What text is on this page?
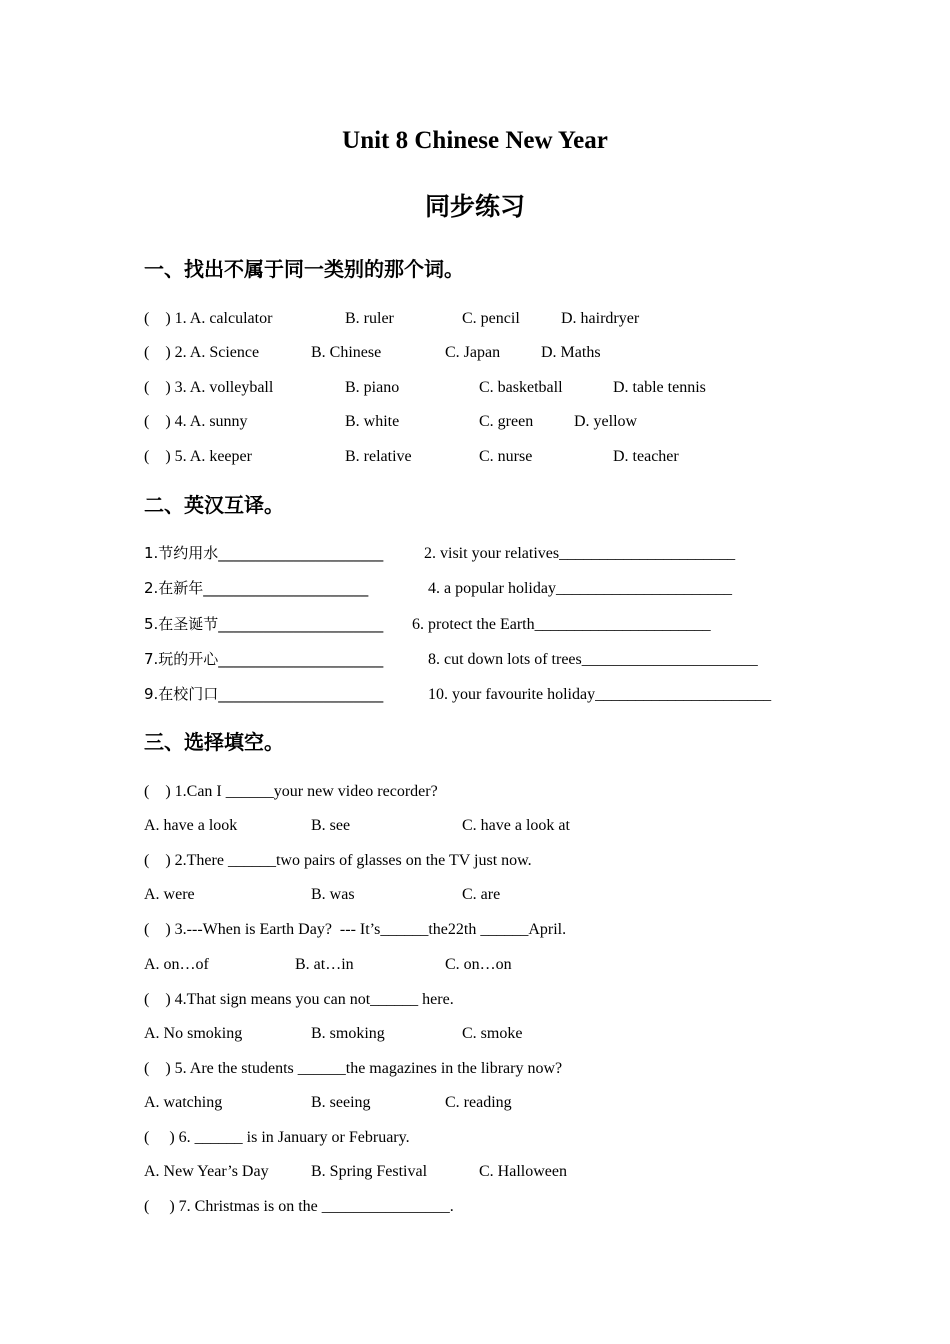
Unit 8 Chinese New Year
同步练习
一、找出不属于同一类别的那个词。
(    ) 1. A. calculator	B. ruler	C. pencil	D. hairdryer
(    ) 2. A. Science	B. Chinese	C. Japan	D. Maths
(    ) 3. A. volleyball	B. piano	C. basketball	D. table tennis
(    ) 4. A. sunny	B. white	C. green	D. yellow
(    ) 5. A. keeper	B. relative	C. nurse	D. teacher
二、英汉互译。
1.节约用水______________________	2. visit your relatives______________________
2.在新年______________________	4. a popular holiday______________________
5.在圣诞节______________________ 6. protect the Earth______________________
7.玩的开心______________________	8. cut down lots of trees______________________
9.在校门口______________________	10. your favourite holiday______________________
三、选择填空。
(    ) 1.Can I ______your new video recorder?
A. have a look	B. see	C. have a look at
(    ) 2.There ______two pairs of glasses on the TV just now.
A. were	B. was	C. are
(    ) 3.---When is Earth Day?  --- It’s______the22th ______April.
A. on…of	B. at…in	C. on…on
(    ) 4.That sign means you can not______ here.
A. No smoking	B. smoking	C. smoke
(    ) 5. Are the students ______the magazines in the library now?
A. watching	B. seeing	C. reading
(     ) 6. ______ is in January or February.
A. New Year’s Day	B. Spring Festival	C. Halloween
(     ) 7. Christmas is on the ________________.
